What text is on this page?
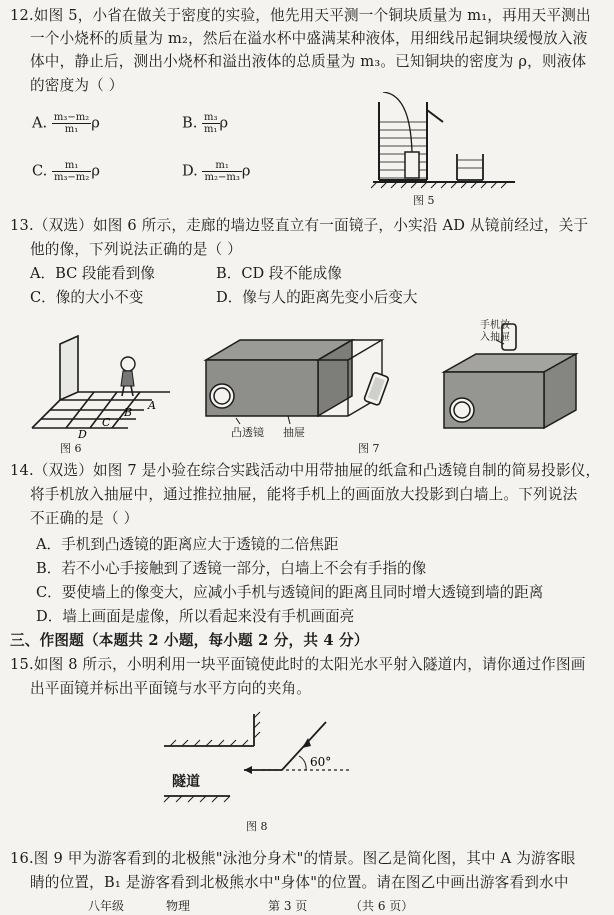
12.如图 5，小省在做关于密度的实验，他先用天平测一个铜块质量为 m₁，再用天平测出
一个小烧杯的质量为 m₂，然后在溢水杯中盛满某种液体，用细线吊起铜块缓慢放入液
体中，静止后，测出小烧杯和溢出液体的总质量为 m₃。已知铜块的密度为 ρ，则液体
的密度为（ ）
A. $\frac{\text{m₃−m₂}}{\text{m₁}}$ ρ	B. $\frac{\text{m₃}}{\text{m₁}}$ ρ
C. $\frac{\text{m₁}}{\text{m₃−m₂}}$ ρ	D. $\frac{\text{m₁}}{\text{m₂−m₃}}$ ρ
图 5
13.（双选）如图 6 所示，走廊的墙边竖直立有一面镜子，小实沿 AD 从镜前经过，关于
他的像，下列说法正确的是（ ）
A．BC 段能看到像	B．CD 段不能成像
C．像的大小不变	D．像与人的距离先变小后变大
A
B
C
D
图 6
凸透镜 抽屉
手机放
入抽屉
图 7
14.（双选）如图 7 是小验在综合实践活动中用带抽屉的纸盒和凸透镜自制的简易投影仪，
将手机放入抽屉中，通过推拉抽屉，能将手机上的画面放大投影到白墙上。下列说法
不正确的是（ ）
A．手机到凸透镜的距离应大于透镜的二倍焦距
B．若不小心手接触到了透镜一部分，白墙上不会有手指的像
C．要使墙上的像变大，应减小手机与透镜间的距离且同时增大透镜到墙的距离
D．墙上画面是虚像，所以看起来没有手机画面亮
三、作图题（本题共 2 小题，每小题 2 分，共 4 分）
15.如图 8 所示，小明利用一块平面镜使此时的太阳光水平射入隧道内，请你通过作图画
出平面镜并标出平面镜与水平方向的夹角。
60°
隧道
图 8
16.图 9 甲为游客看到的北极熊"泳池分身术"的情景。图乙是简化图，其中 A 为游客眼
睛的位置，B₁ 是游客看到北极熊水中"身体"的位置。请在图乙中画出游客看到水中
八年级	物理	第 3 页	（共 6 页）
